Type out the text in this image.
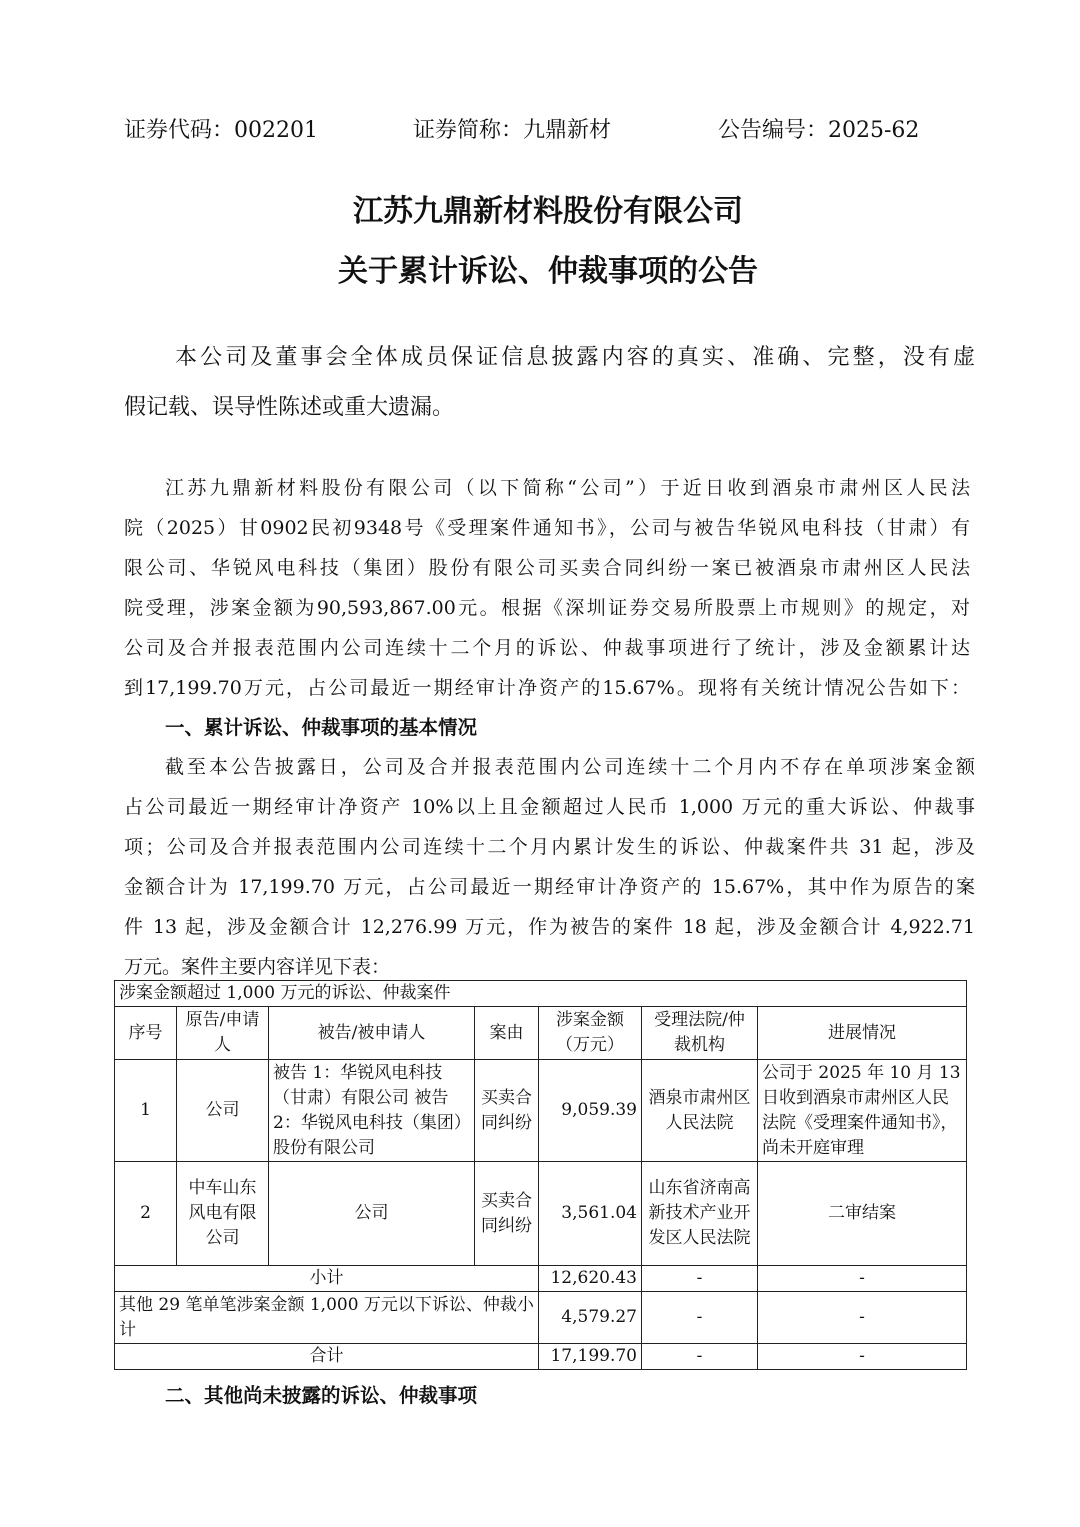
证券代码：002201	证券简称：九鼎新材	公告编号：2025-62
江苏九鼎新材料股份有限公司
关于累计诉讼、仲裁事项的公告
本公司及董事会全体成员保证信息披露内容的真实、准确、完整，没有虚
假记载、误导性陈述或重大遗漏。
江苏九鼎新材料股份有限公司（以下简称“公司”）于近日收到酒泉市肃州区人民法
院（2025）甘0902民初9348号《受理案件通知书》，公司与被告华锐风电科技（甘肃）有
限公司、华锐风电科技（集团）股份有限公司买卖合同纠纷一案已被酒泉市肃州区人民法
院受理，涉案金额为90,593,867.00元。根据《深圳证券交易所股票上市规则》的规定，对
公司及合并报表范围内公司连续十二个月的诉讼、仲裁事项进行了统计，涉及金额累计达
到17,199.70万元，占公司最近一期经审计净资产的15.67%。现将有关统计情况公告如下：
一、累计诉讼、仲裁事项的基本情况
截至本公告披露日，公司及合并报表范围内公司连续十二个月内不存在单项涉案金额
占公司最近一期经审计净资产 10%以上且金额超过人民币 1,000 万元的重大诉讼、仲裁事
项；公司及合并报表范围内公司连续十二个月内累计发生的诉讼、仲裁案件共 31 起，涉及
金额合计为 17,199.70 万元，占公司最近一期经审计净资产的 15.67%，其中作为原告的案
件 13 起，涉及金额合计 12,276.99 万元，作为被告的案件 18 起，涉及金额合计 4,922.71
万元。案件主要内容详见下表：
涉案金额超过 1,000 万元的诉讼、仲裁案件						
序号	原告/申请人	被告/被申请人	案由	涉案金额（万元）	受理法院/仲裁机构	进展情况
1	公司	被告 1：华锐风电科技（甘肃）有限公司 被告 2：华锐风电科技（集团）股份有限公司	买卖合同纠纷	9,059.39	酒泉市肃州区人民法院	公司于 2025 年 10 月 13 日收到酒泉市肃州区人民法院《受理案件通知书》，尚未开庭审理
2	中车山东风电有限公司	公司	买卖合同纠纷	3,561.04	山东省济南高新技术产业开发区人民法院	二审结案
小计				12,620.43	-	-
其他 29 笔单笔涉案金额 1,000 万元以下诉讼、仲裁小计				4,579.27	-	-
合计				17,199.70	-	-
二、其他尚未披露的诉讼、仲裁事项
